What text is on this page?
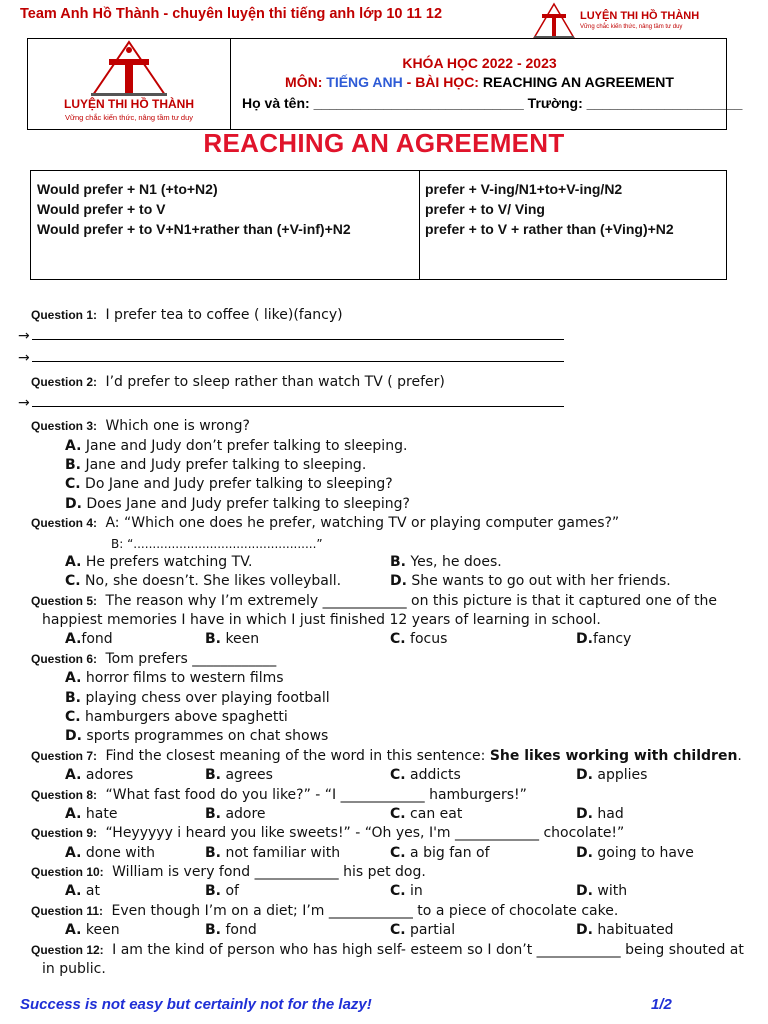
Team Anh Hồ Thành - chuyên luyện thi tiếng anh lớp 10 11 12	LUYỆN THI HỒ THÀNH
Vững chắc kiến thức, nâng tầm tư duy
LUYỆN THI HỒ THÀNH
Vững chắc kiến thức, nâng tầm tư duy
KHÓA HỌC 2022 - 2023
MÔN: TIẾNG ANH - BÀI HỌC: REACHING AN AGREEMENT
Họ và tên: ___________________________ Trường: ____________________
REACHING AN AGREEMENT
Would prefer + N1 (+to+N2)
Would prefer + to V
Would prefer + to V+N1+rather than (+V-inf)+N2
prefer + V-ing/N1+to+V-ing/N2
prefer + to V/ Ving
prefer + to V + rather than (+Ving)+N2
Question 1: I prefer tea to coffee ( like)(fancy)
→
→
Question 2: I’d prefer to sleep rather than watch TV ( prefer)
→
Question 3: Which one is wrong?
A. Jane and Judy don’t prefer talking to sleeping.
B. Jane and Judy prefer talking to sleeping.
C. Do Jane and Judy prefer talking to sleeping?
D. Does Jane and Judy prefer talking to sleeping?
Question 4: A: “Which one does he prefer, watching TV or playing computer games?”
B: “................................................”
A. He prefers watching TV.	B. Yes, he does.
C. No, she doesn’t. She likes volleyball.	D. She wants to go out with her friends.
Question 5: The reason why I’m extremely ____________ on this picture is that it captured one of the
happiest memories I have in which I just finished 12 years of learning in school.
A.fond	B. keen	C. focus	D.fancy
Question 6: Tom prefers ____________
A. horror films to western films
B. playing chess over playing football
C. hamburgers above spaghetti
D. sports programmes on chat shows
Question 7: Find the closest meaning of the word in this sentence: She likes working with children.
A. adores	B. agrees	C. addicts	D. applies
Question 8: “What fast food do you like?” - “I ____________ hamburgers!”
A. hate	B. adore	C. can eat	D. had
Question 9: “Heyyyyy i heard you like sweets!” - “Oh yes, I'm ____________ chocolate!”
A. done with	B. not familiar with	C. a big fan of	D. going to have
Question 10: William is very fond ____________ his pet dog.
A. at	B. of	C. in	D. with
Question 11: Even though I’m on a diet; I’m ____________ to a piece of chocolate cake.
A. keen	B. fond	C. partial	D. habituated
Question 12: I am the kind of person who has high self- esteem so I don’t ____________ being shouted at
in public.
Success is not easy but certainly not for the lazy!	1/2
